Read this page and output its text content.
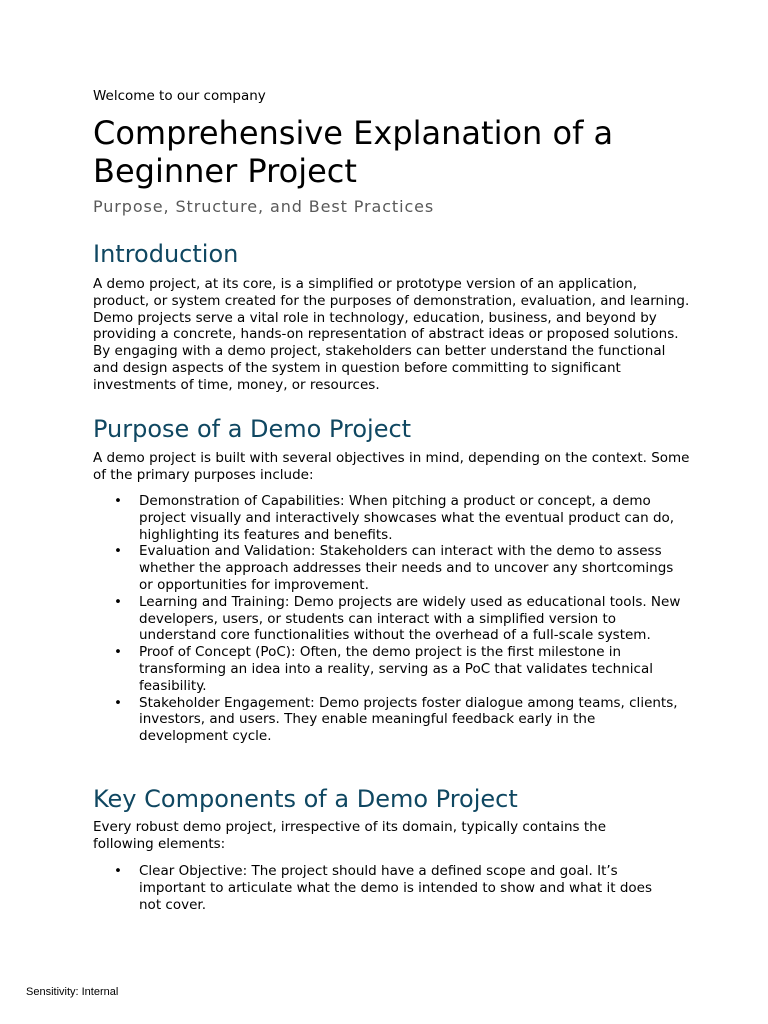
Welcome to our company
Comprehensive Explanation of a Beginner Project
Purpose, Structure, and Best Practices
Introduction

A demo project, at its core, is a simplified or prototype version of an application, product, or system created for the purposes of demonstration, evaluation, and learning. Demo projects serve a vital role in technology, education, business, and beyond by providing a concrete, hands-on representation of abstract ideas or proposed solutions. By engaging with a demo project, stakeholders can better understand the functional and design aspects of the system in question before committing to significant investments of time, money, or resources.

Purpose of a Demo Project

A demo project is built with several objectives in mind, depending on the context. Some of the primary purposes include:

• Demonstration of Capabilities: When pitching a product or concept, a demo project visually and interactively showcases what the eventual product can do, highlighting its features and benefits.
• Evaluation and Validation: Stakeholders can interact with the demo to assess whether the approach addresses their needs and to uncover any shortcomings or opportunities for improvement.
• Learning and Training: Demo projects are widely used as educational tools. New developers, users, or students can interact with a simplified version to understand core functionalities without the overhead of a full-scale system.
• Proof of Concept (PoC): Often, the demo project is the first milestone in transforming an idea into a reality, serving as a PoC that validates technical feasibility.
• Stakeholder Engagement: Demo projects foster dialogue among teams, clients, investors, and users. They enable meaningful feedback early in the development cycle.
Key Components of a Demo Project

Every robust demo project, irrespective of its domain, typically contains the following elements:

• Clear Objective: The project should have a defined scope and goal. It’s important to articulate what the demo is intended to show and what it does not cover.
Sensitivity: Internal
